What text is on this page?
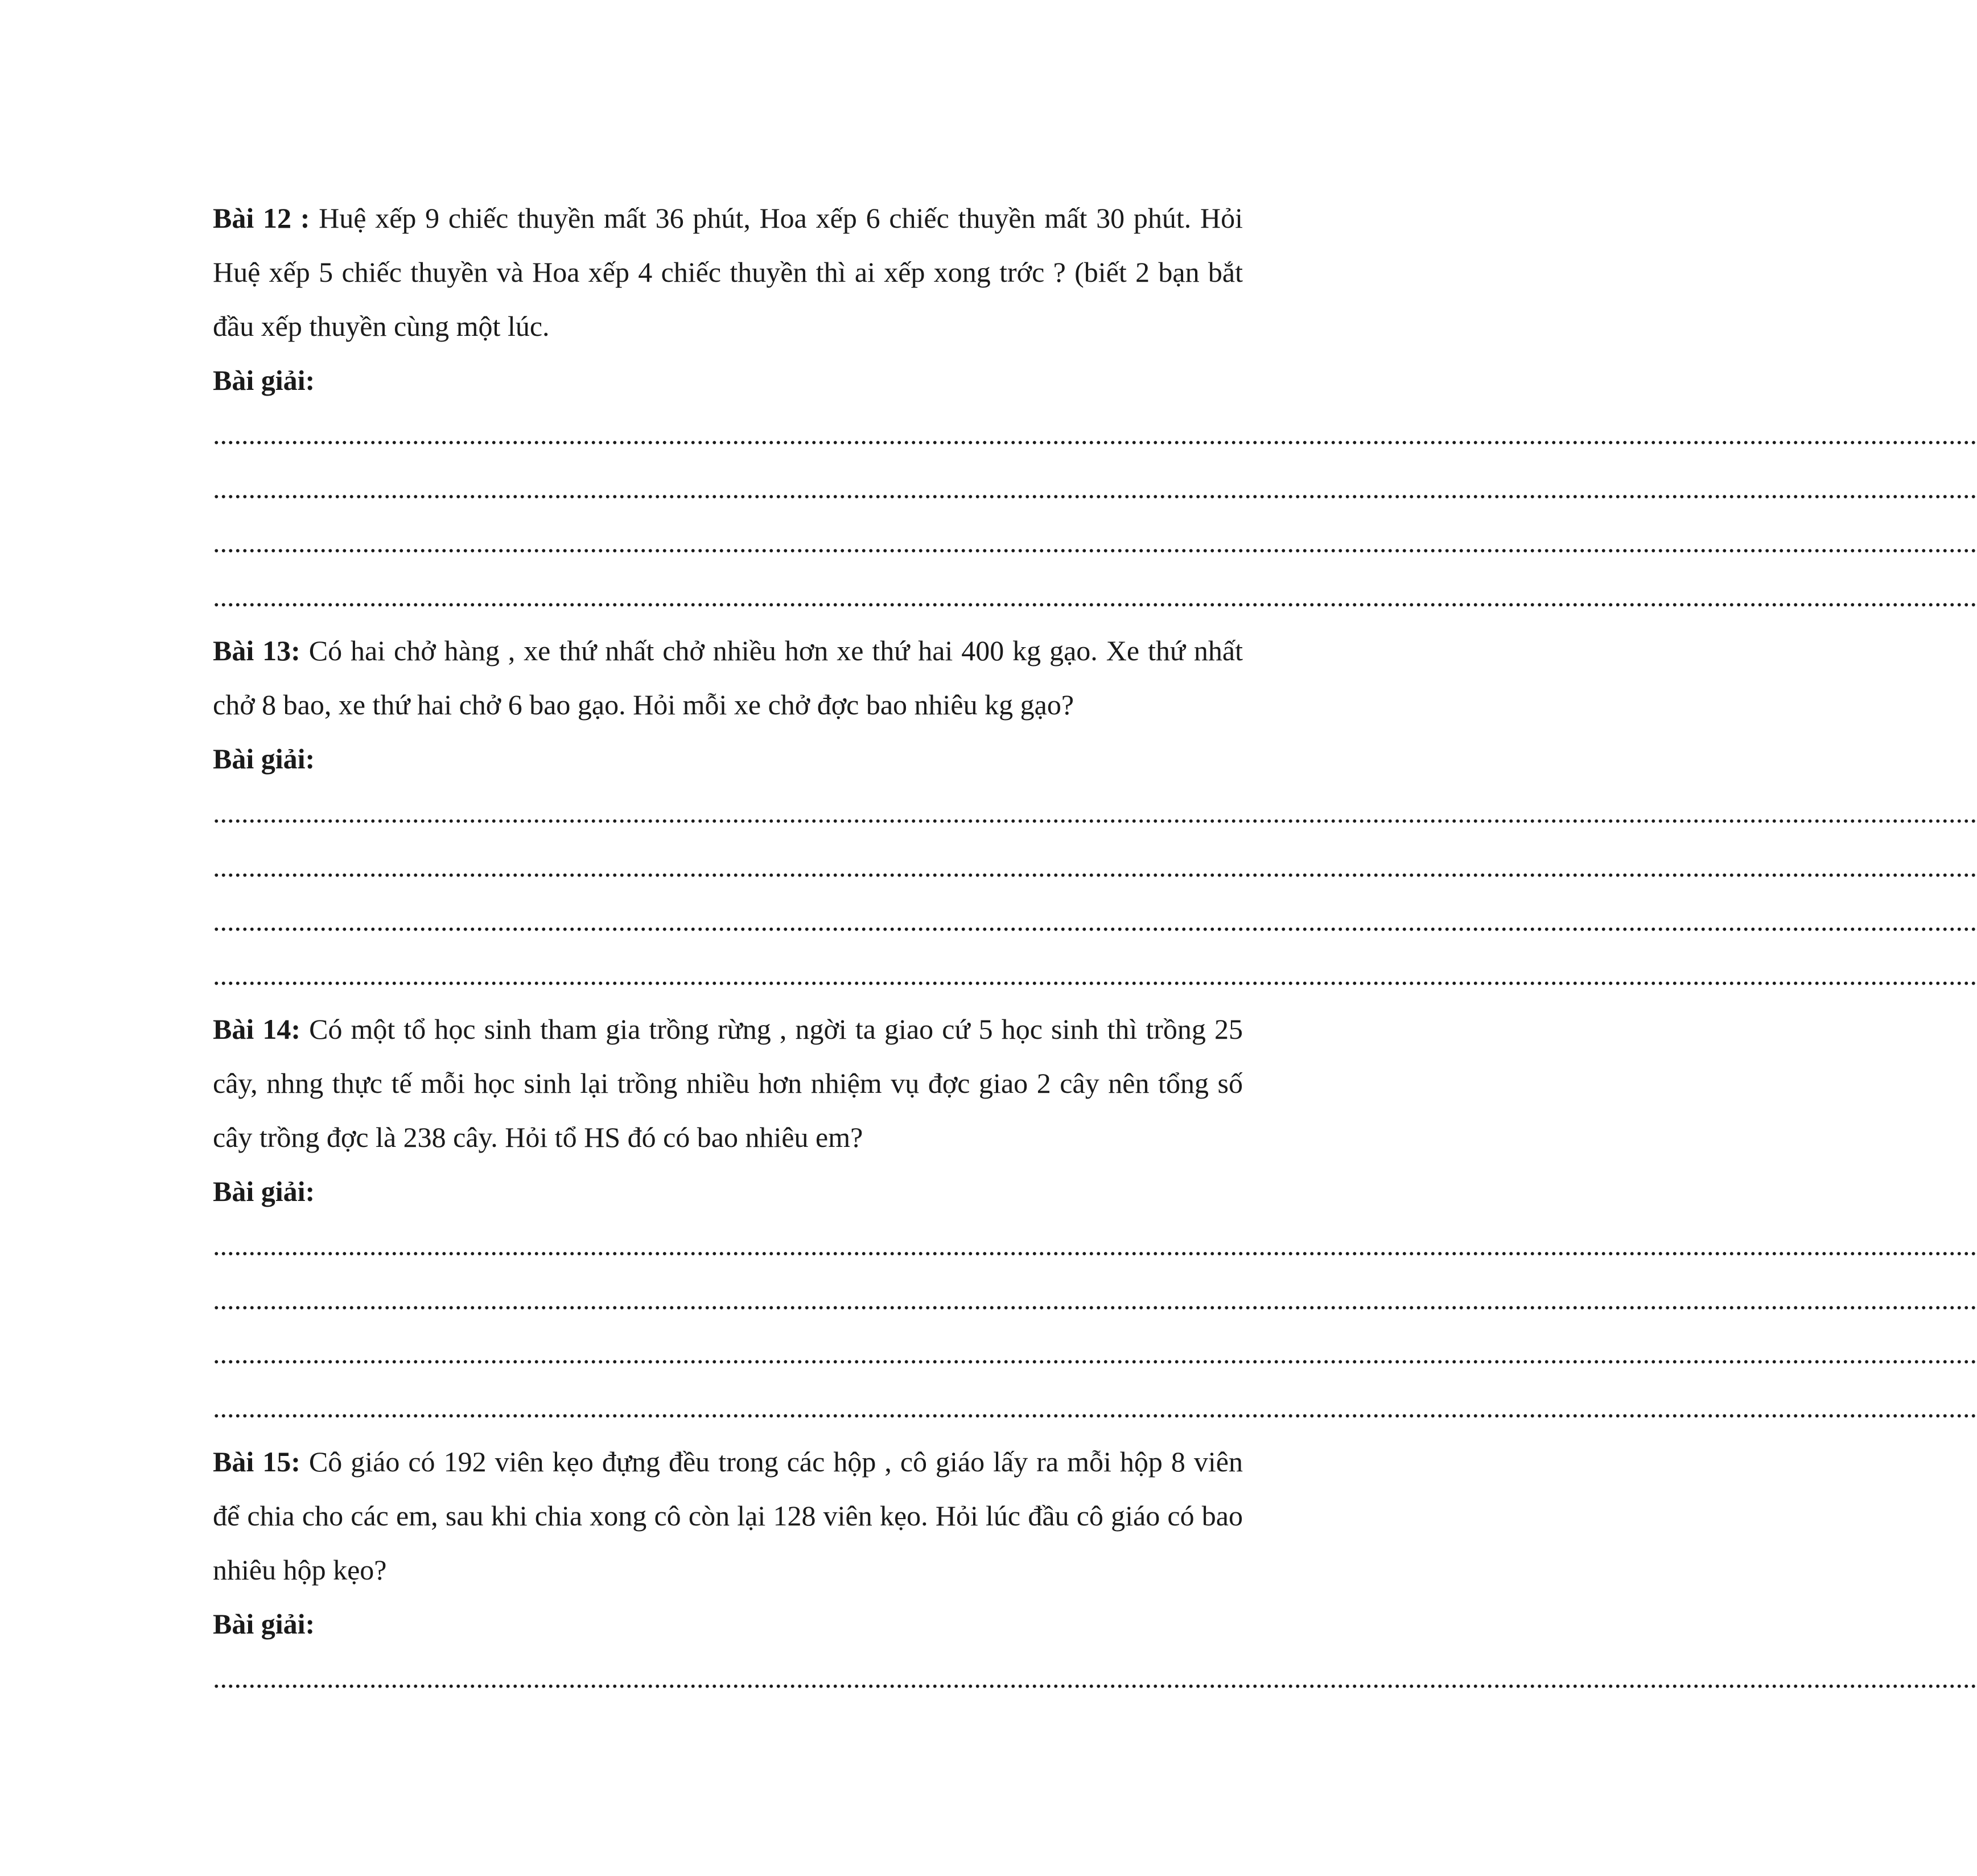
Bài 12 : Huệ xếp 9 chiếc thuyền mất 36 phút, Hoa xếp 6 chiếc thuyền mất 30 phút. Hỏi Huệ xếp 5 chiếc thuyền và Hoa xếp 4 chiếc thuyền thì ai xếp xong trớc ? (biết 2 bạn bắt đầu xếp thuyền cùng một lúc.

Bài giải:

........................................................................................................................................................................................................................................................

........................................................................................................................................................................................................................................................

........................................................................................................................................................................................................................................................

........................................................................................................................................................................................................................................................

Bài 13: Có hai chở hàng , xe thứ nhất chở nhiều hơn xe thứ hai 400 kg gạo. Xe thứ nhất chở 8 bao, xe thứ hai chở 6 bao gạo. Hỏi mỗi xe chở đợc bao nhiêu kg gạo?

Bài giải:

........................................................................................................................................................................................................................................................

........................................................................................................................................................................................................................................................

........................................................................................................................................................................................................................................................

........................................................................................................................................................................................................................................................

Bài 14: Có một tổ học sinh tham gia trồng rừng , ngời ta giao cứ 5 học sinh thì trồng 25 cây, nhng thực tế mỗi học sinh lại trồng nhiều hơn nhiệm vụ đợc giao 2 cây nên tổng số cây trồng đợc là 238 cây. Hỏi tổ HS đó có bao nhiêu em?

Bài giải:

........................................................................................................................................................................................................................................................

........................................................................................................................................................................................................................................................

........................................................................................................................................................................................................................................................

........................................................................................................................................................................................................................................................

Bài 15: Cô giáo có 192 viên kẹo đựng đều trong các hộp , cô giáo lấy ra mỗi hộp 8 viên để chia cho các em, sau khi chia xong cô còn lại 128 viên kẹo. Hỏi lúc đầu cô giáo có bao nhiêu hộp kẹo?

Bài giải:

........................................................................................................................................................................................................................................................
